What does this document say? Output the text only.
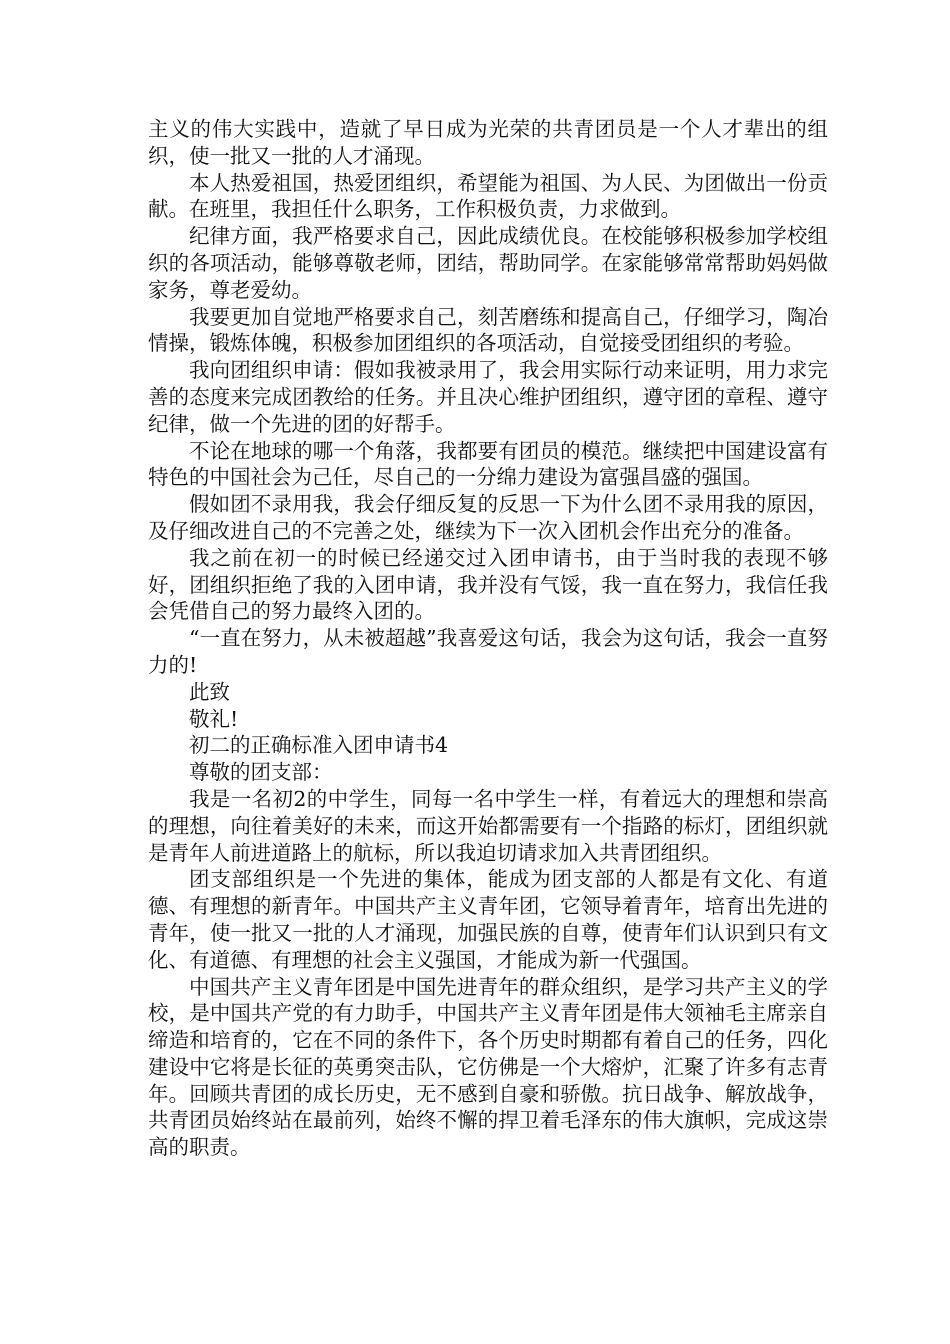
主义的伟大实践中，造就了早日成为光荣的共青团员是一个人才辈出的组织，使一批又一批的人才涌现。

本人热爱祖国，热爱团组织，希望能为祖国、为人民、为团做出一份贡献。在班里，我担任什么职务，工作积极负责，力求做到。

纪律方面，我严格要求自己，因此成绩优良。在校能够积极参加学校组织的各项活动，能够尊敬老师，团结，帮助同学。在家能够常常帮助妈妈做家务，尊老爱幼。

我要更加自觉地严格要求自己，刻苦磨练和提高自己，仔细学习，陶冶情操，锻炼体魄，积极参加团组织的各项活动，自觉接受团组织的考验。

我向团组织申请：假如我被录用了，我会用实际行动来证明，用力求完善的态度来完成团教给的任务。并且决心维护团组织，遵守团的章程、遵守纪律，做一个先进的团的好帮手。

不论在地球的哪一个角落，我都要有团员的模范。继续把中国建设富有特色的中国社会为己任，尽自己的一分绵力建设为富强昌盛的强国。

假如团不录用我，我会仔细反复的反思一下为什么团不录用我的原因，及仔细改进自己的不完善之处，继续为下一次入团机会作出充分的准备。

我之前在初一的时候已经递交过入团申请书，由于当时我的表现不够好，团组织拒绝了我的入团申请，我并没有气馁，我一直在努力，我信任我会凭借自己的努力最终入团的。

“一直在努力，从未被超越”我喜爱这句话，我会为这句话，我会一直努力的!

此致
敬礼!
初二的正确标准入团申请书4
尊敬的团支部：

我是一名初2的中学生，同每一名中学生一样，有着远大的理想和崇高的理想，向往着美好的未来，而这开始都需要有一个指路的标灯，团组织就是青年人前进道路上的航标，所以我迫切请求加入共青团组织。

团支部组织是一个先进的集体，能成为团支部的人都是有文化、有道德、有理想的新青年。中国共产主义青年团，它领导着青年，培育出先进的青年，使一批又一批的人才涌现，加强民族的自尊，使青年们认识到只有文化、有道德、有理想的社会主义强国，才能成为新一代强国。

中国共产主义青年团是中国先进青年的群众组织，是学习共产主义的学校，是中国共产党的有力助手，中国共产主义青年团是伟大领袖毛主席亲自缔造和培育的，它在不同的条件下，各个历史时期都有着自己的任务，四化建设中它将是长征的英勇突击队，它仿佛是一个大熔炉，汇聚了许多有志青年。回顾共青团的成长历史，无不感到自豪和骄傲。抗日战争、解放战争，共青团员始终站在最前列，始终不懈的捍卫着毛泽东的伟大旗帜，完成这崇高的职责。
